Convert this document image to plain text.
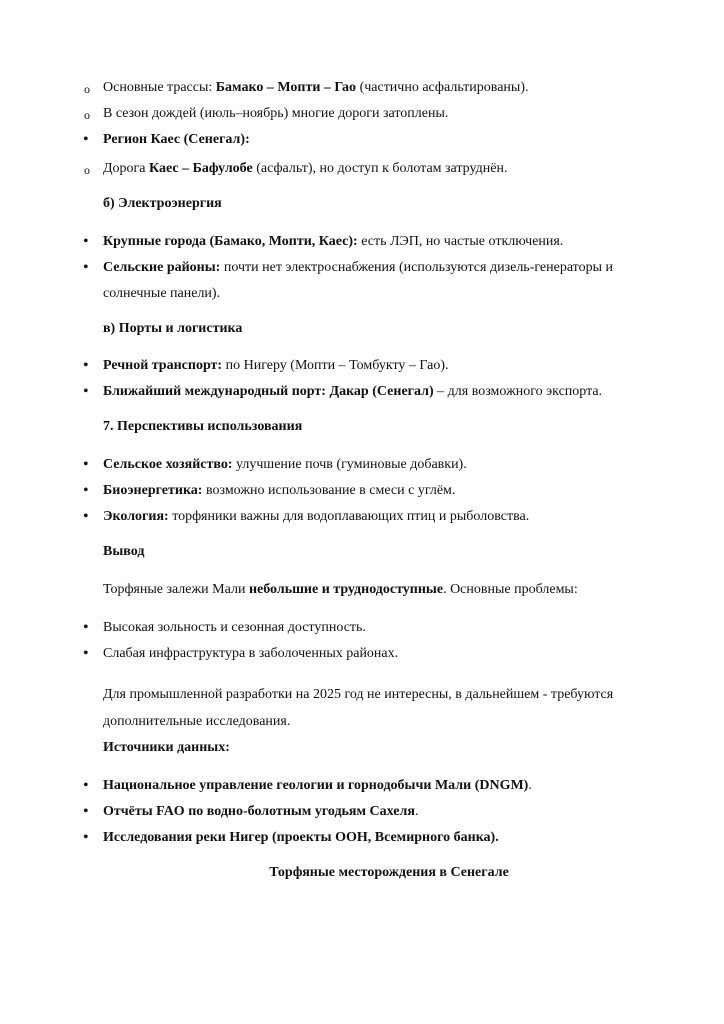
o Основные трассы: Бамако – Мопти – Гао (частично асфальтированы).
o В сезон дождей (июль–ноябрь) многие дороги затоплены.
• Регион Каес (Сенегал):
o Дорога Каес – Бафулобе (асфальт), но доступ к болотам затруднён.
б) Электроэнергия
• Крупные города (Бамако, Мопти, Каес): есть ЛЭП, но частые отключения.
• Сельские районы: почти нет электроснабжения (используются дизель-генераторы и
солнечные панели).
в) Порты и логистика
• Речной транспорт: по Нигеру (Мопти – Томбукту – Гао).
• Ближайший международный порт: Дакар (Сенегал) – для возможного экспорта.
7. Перспективы использования
• Сельское хозяйство: улучшение почв (гуминовые добавки).
• Биоэнергетика: возможно использование в смеси с углём.
• Экология: торфяники важны для водоплавающих птиц и рыболовства.
Вывод
Торфяные залежи Мали небольшие и труднодоступные. Основные проблемы:
• Высокая зольность и сезонная доступность.
• Слабая инфраструктура в заболоченных районах.
Для промышленной разработки на 2025 год не интересны, в дальнейшем - требуются
дополнительные исследования.
Источники данных:
• Национальное управление геологии и горнодобычи Мали (DNGM).
• Отчёты FAO по водно-болотным угодьям Сахеля.
• Исследования реки Нигер (проекты ООН, Всемирного банка).
Торфяные месторождения в Сенегале
